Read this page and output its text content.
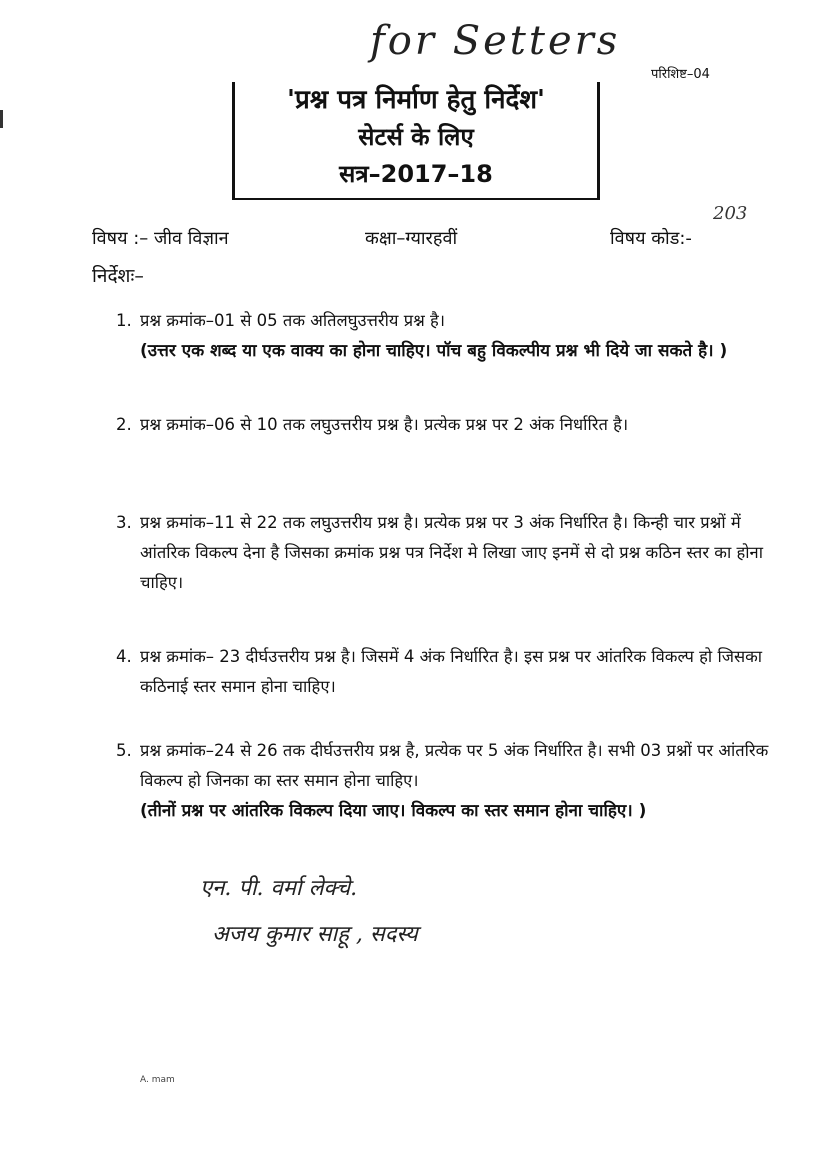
for Setters
परिशिष्ट–04
'प्रश्न पत्र निर्माण हेतु निर्देश'
सेटर्स के लिए
सत्र–2017–18
विषय :– जीव विज्ञान	कक्षा–ग्यारहवीं	विषय कोड:-
203
निर्देशः–
1. प्रश्न क्रमांक–01 से 05 तक अतिलघुउत्तरीय प्रश्न है।
(उत्तर एक शब्द या एक वाक्य का होना चाहिए। पॉच बहु विकल्पीय प्रश्न भी दिये जा सकते है। )
2. प्रश्न क्रमांक–06 से 10 तक लघुउत्तरीय प्रश्न है। प्रत्येक प्रश्न पर 2 अंक निर्धारित है।
3. प्रश्न क्रमांक–11 से 22 तक लघुउत्तरीय प्रश्न है। प्रत्येक प्रश्न पर 3 अंक निर्धारित है। किन्ही चार प्रश्नों में आंतरिक विकल्प देना है जिसका क्रमांक प्रश्न पत्र निर्देश मे लिखा जाए इनमें से दो प्रश्न कठिन स्तर का होना चाहिए।
4. प्रश्न क्रमांक– 23 दीर्घउत्तरीय प्रश्न है। जिसमें 4 अंक निर्धारित है। इस प्रश्न पर आंतरिक विकल्प हो जिसका कठिनाई स्तर समान होना चाहिए।
5. प्रश्न क्रमांक–24 से 26 तक दीर्घउत्तरीय प्रश्न है, प्रत्येक पर 5 अंक निर्धारित है। सभी 03 प्रश्नों पर आंतरिक विकल्प हो जिनका का स्तर समान होना चाहिए।
(तीनों प्रश्न पर आंतरिक विकल्प दिया जाए। विकल्प का स्तर समान होना चाहिए। )
एन. पी. वर्मा लेक्चे.
अजय कुमार साहू , सदस्य
A. mam
